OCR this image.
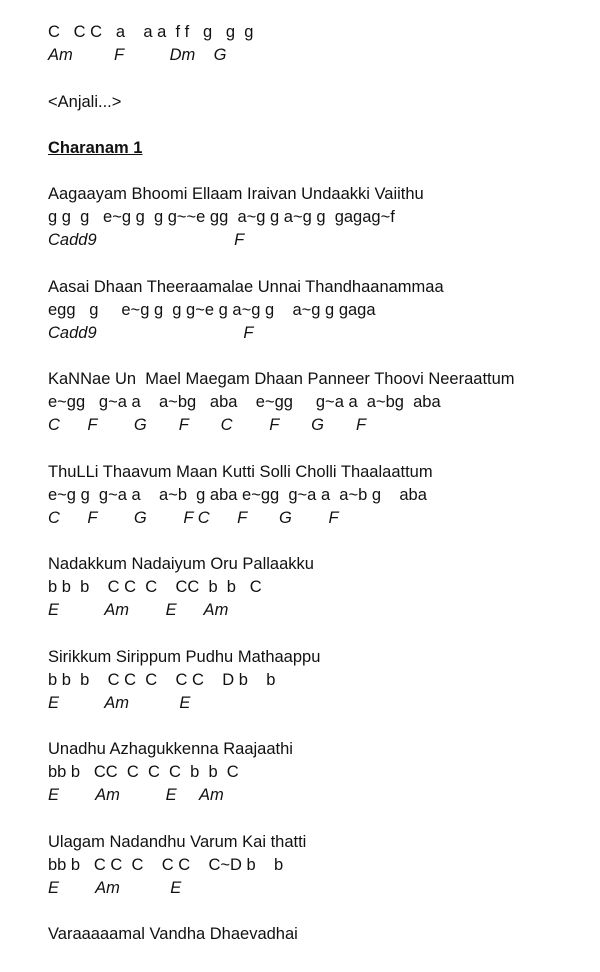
C   C C   a    a a  f f   g   g  g

Am         F          Dm    G

<Anjali...>

Charanam 1

Aagaayam Bhoomi Ellaam Iraivan Undaakki Vaiithu

g g  g   e~g g  g g~~e gg  a~g g a~g g  gagag~f

Cadd9                              F

Aasai Dhaan Theeraamalae Unnai Thandhaanammaa

egg   g     e~g g  g g~e g a~g g    a~g g gaga

Cadd9                                F

KaNNae Un  Mael Maegam Dhaan Panneer Thoovi Neeraattum

e~gg   g~a a    a~bg   aba    e~gg     g~a a  a~bg  aba

C      F        G       F       C        F       G       F

ThuLLi Thaavum Maan Kutti Solli Cholli Thaalaattum

e~g g  g~a a    a~b  g aba e~gg  g~a a  a~b g    aba

C      F        G        F C      F       G        F

Nadakkum Nadaiyum Oru Pallaakku

b b  b    C C  C    CC  b  b   C

E          Am        E      Am

Sirikkum Sirippum Pudhu Mathaappu

b b  b    C C  C    C C    D b    b

E          Am           E

Unadhu Azhagukkenna Raajaathi

bb b   CC  C  C  C  b  b  C

E        Am          E     Am

Ulagam Nadandhu Varum Kai thatti

bb b   C C  C    C C    C~D b    b

E        Am           E

Varaaaaamal Vandha Dhaevadhai
